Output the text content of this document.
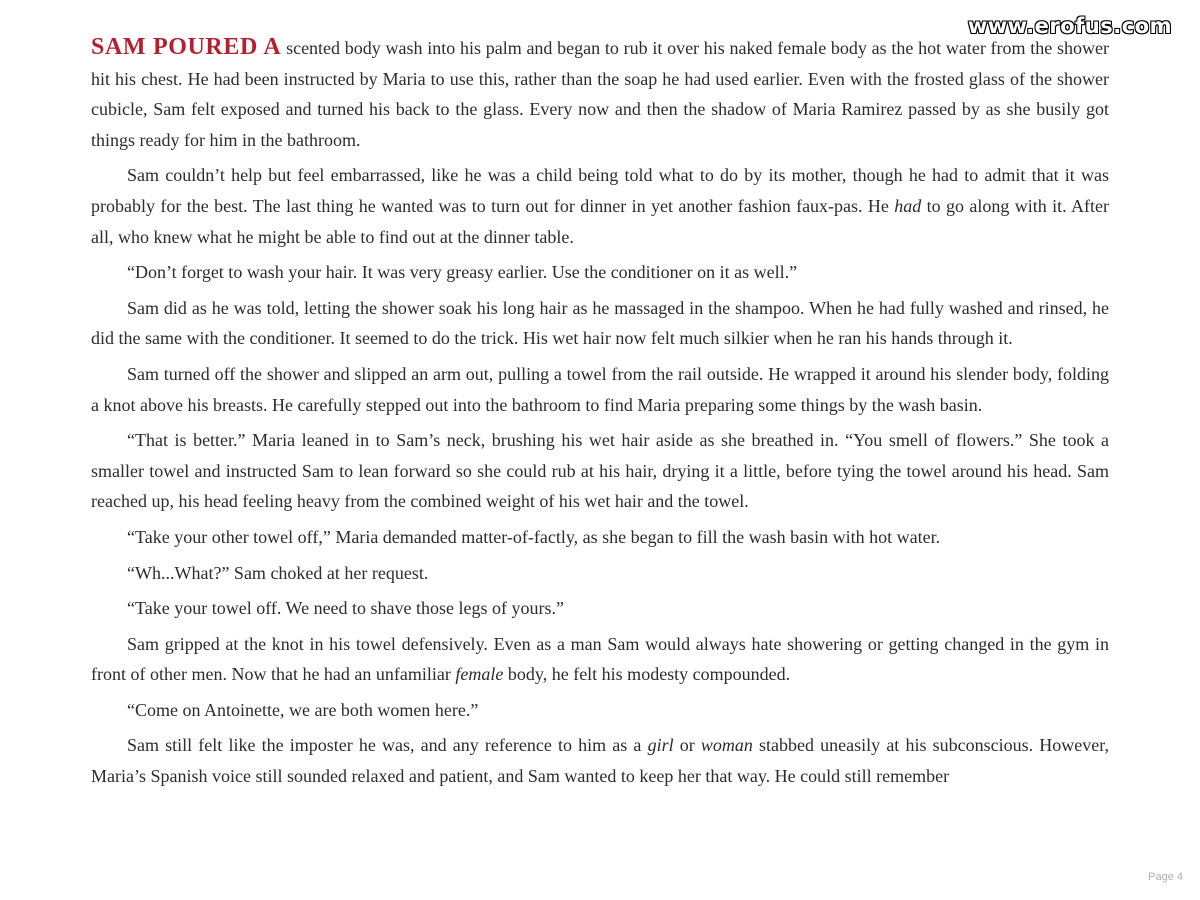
www.erofus.com

SAM POURED A scented body wash into his palm and began to rub it over his naked female body as the hot water from the shower hit his chest. He had been instructed by Maria to use this, rather than the soap he had used earlier. Even with the frosted glass of the shower cubicle, Sam felt exposed and turned his back to the glass. Every now and then the shadow of Maria Ramirez passed by as she busily got things ready for him in the bathroom.

Sam couldn’t help but feel embarrassed, like he was a child being told what to do by its mother, though he had to admit that it was probably for the best. The last thing he wanted was to turn out for dinner in yet another fashion faux-pas. He had to go along with it. After all, who knew what he might be able to find out at the dinner table.

“Don’t forget to wash your hair. It was very greasy earlier. Use the conditioner on it as well.”

Sam did as he was told, letting the shower soak his long hair as he massaged in the shampoo. When he had fully washed and rinsed, he did the same with the conditioner. It seemed to do the trick. His wet hair now felt much silkier when he ran his hands through it.

Sam turned off the shower and slipped an arm out, pulling a towel from the rail outside. He wrapped it around his slender body, folding a knot above his breasts. He carefully stepped out into the bathroom to find Maria preparing some things by the wash basin.

“That is better.” Maria leaned in to Sam’s neck, brushing his wet hair aside as she breathed in. “You smell of flowers.” She took a smaller towel and instructed Sam to lean forward so she could rub at his hair, drying it a little, before tying the towel around his head. Sam reached up, his head feeling heavy from the combined weight of his wet hair and the towel.

“Take your other towel off,” Maria demanded matter-of-factly, as she began to fill the wash basin with hot water.

“Wh...What?” Sam choked at her request.

“Take your towel off. We need to shave those legs of yours.”

Sam gripped at the knot in his towel defensively. Even as a man Sam would always hate showering or getting changed in the gym in front of other men. Now that he had an unfamiliar female body, he felt his modesty compounded.

“Come on Antoinette, we are both women here.”

Sam still felt like the imposter he was, and any reference to him as a girl or woman stabbed uneasily at his subconscious. However, Maria’s Spanish voice still sounded relaxed and patient, and Sam wanted to keep her that way. He could still remember

Page 4
